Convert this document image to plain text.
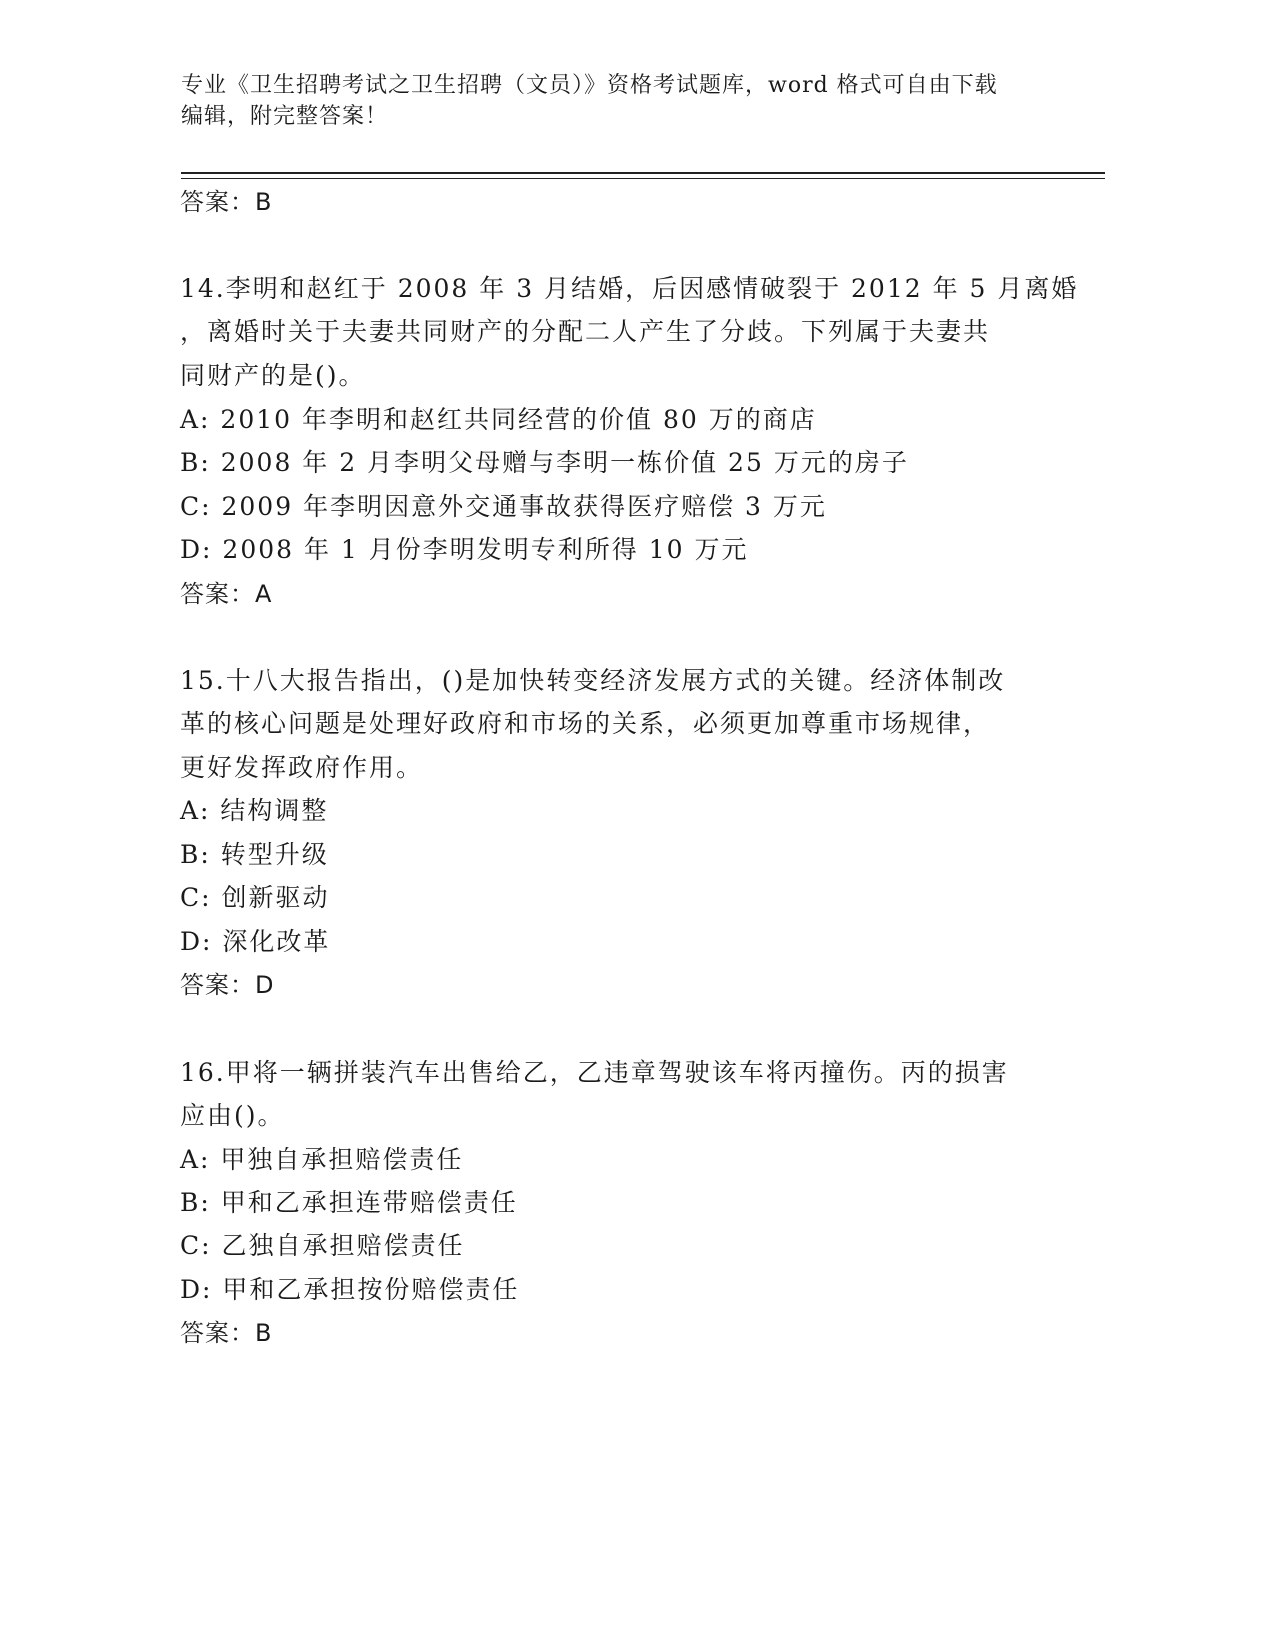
专业《卫生招聘考试之卫生招聘（文员）》资格考试题库，word 格式可自由下载
编辑，附完整答案！
答案：B
14.李明和赵红于 2008 年 3 月结婚，后因感情破裂于 2012 年 5 月离婚
，离婚时关于夫妻共同财产的分配二人产生了分歧。下列属于夫妻共
同财产的是()。
A: 2010 年李明和赵红共同经营的价值 80 万的商店
B: 2008 年 2 月李明父母赠与李明一栋价值 25 万元的房子
C: 2009 年李明因意外交通事故获得医疗赔偿 3 万元
D: 2008 年 1 月份李明发明专利所得 10 万元
答案：A
15.十八大报告指出，()是加快转变经济发展方式的关键。经济体制改
革的核心问题是处理好政府和市场的关系，必须更加尊重市场规律，
更好发挥政府作用。
A: 结构调整
B: 转型升级
C: 创新驱动
D: 深化改革
答案：D
16.甲将一辆拼装汽车出售给乙，乙违章驾驶该车将丙撞伤。丙的损害
应由()。
A: 甲独自承担赔偿责任
B: 甲和乙承担连带赔偿责任
C: 乙独自承担赔偿责任
D: 甲和乙承担按份赔偿责任
答案：B
